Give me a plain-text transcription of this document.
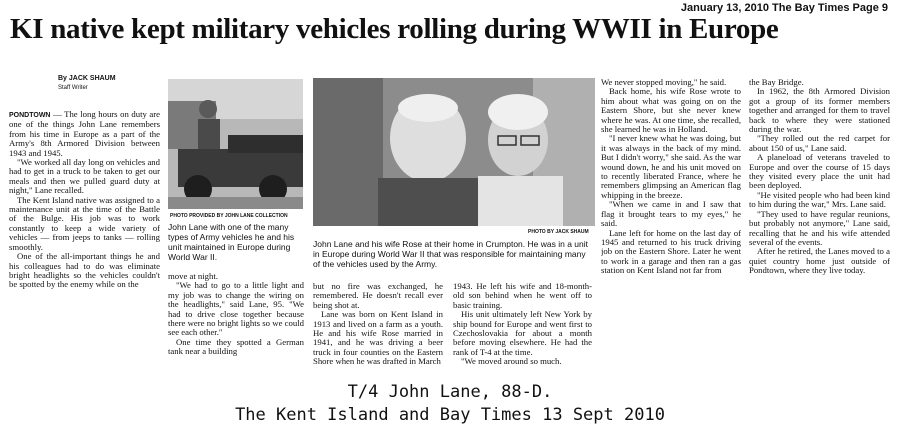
January 13, 2010 The Bay Times Page 9
KI native kept military vehicles rolling during WWII in Europe
By JACK SHAUM
Staff Writer

PONDTOWN — The long hours on duty are one of the things John Lane remembers from his time in Europe as a part of the Army's 8th Armored Division between 1943 and 1945.

"We worked all day long on vehicles and had to get in a truck to be taken to get our meals and then we pulled guard duty at night," Lane recalled.

The Kent Island native was assigned to a maintenance unit at the time of the Battle of the Bulge. His job was to work constantly to keep a wide variety of vehicles — from jeeps to tanks — rolling smoothly.

One of the all-important things he and his colleagues had to do was eliminate bright headlights so the vehicles couldn't be spotted by the enemy while on the

PHOTO PROVIDED BY JOHN LANE COLLECTION
John Lane with one of the many types of Army vehicles he and his unit maintained in Europe during World War II.

move at night.

"We had to go to a little light and my job was to change the wiring on the headlights," said Lane, 95. "We had to drive close together because there were no bright lights so we could see each other."

One time they spotted a German tank near a building

PHOTO BY JACK SHAUM
John Lane and his wife Rose at their home in Crumpton. He was in a unit in Europe during World War II that was responsible for maintaining many of the vehicles used by the Army.

but no fire was exchanged, he remembered. He doesn't recall ever being shot at.

Lane was born on Kent Island in 1913 and lived on a farm as a youth. He and his wife Rose married in 1941, and he was driving a beer truck in four counties on the Eastern Shore when he was drafted in March

1943. He left his wife and 18-month-old son behind when he went off to basic training.

His unit ultimately left New York by ship bound for Europe and went first to Czechoslovakia for about a month before moving elsewhere. He had the rank of T-4 at the time.

"We moved around so much.

We never stopped moving," he said.

Back home, his wife Rose wrote to him about what was going on on the Eastern Shore, but she never knew where he was. At one time, she recalled, she learned he was in Holland.

"I never knew what he was doing, but it was always in the back of my mind. But I didn't worry," she said. As the war wound down, he and his unit moved on to recently liberated France, where he remembers glimpsing an American flag whipping in the breeze.

"When we came in and I saw that flag it brought tears to my eyes," he said.

Lane left for home on the last day of 1945 and returned to his truck driving job on the Eastern Shore. Later he went to work in a garage and then ran a gas station on Kent Island not far from

the Bay Bridge.

In 1962, the 8th Armored Division got a group of its former members together and arranged for them to travel back to where they were stationed during the war.

"They rolled out the red carpet for about 150 of us," Lane said.

A planeload of veterans traveled to Europe and over the course of 15 days they visited every place the unit had been deployed.

"He visited people who had been kind to him during the war," Mrs. Lane said.

"They used to have regular reunions, but probably not anymore," Lane said, recalling that he and his wife attended several of the events.

After he retired, the Lanes moved to a quiet country home just outside of Pondtown, where they live today.

T/4 John Lane, 88-D.
The Kent Island and Bay Times 13 Sept 2010
